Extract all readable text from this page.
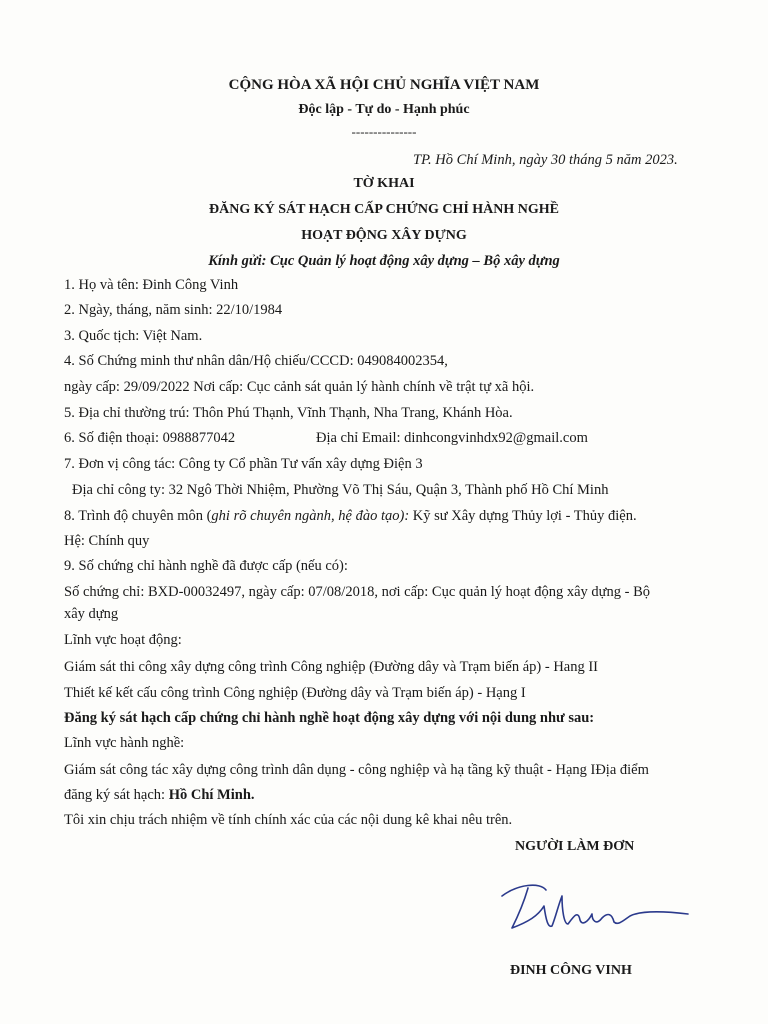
CỘNG HÒA XÃ HỘI CHỦ NGHĨA VIỆT NAM
Độc lập - Tự do - Hạnh phúc
---------------
TP. Hồ Chí Minh, ngày 30 tháng 5 năm 2023.
TỜ KHAI
ĐĂNG KÝ SÁT HẠCH CẤP CHỨNG CHỈ HÀNH NGHỀ
HOẠT ĐỘNG XÂY DỰNG
Kính gửi: Cục Quản lý hoạt động xây dựng – Bộ xây dựng
1. Họ và tên: Đinh Công Vinh
2. Ngày, tháng, năm sinh: 22/10/1984
3. Quốc tịch: Việt Nam.
4. Số Chứng minh thư nhân dân/Hộ chiếu/CCCD: 049084002354,
ngày cấp: 29/09/2022 Nơi cấp: Cục cảnh sát quản lý hành chính về trật tự xã hội.
5. Địa chỉ thường trú: Thôn Phú Thạnh, Vĩnh Thạnh, Nha Trang, Khánh Hòa.
6. Số điện thoại: 0988877042	Địa chỉ Email: dinhcongvinhdx92@gmail.com
7. Đơn vị công tác: Công ty Cổ phần Tư vấn xây dựng Điện 3
Địa chỉ công ty: 32 Ngô Thời Nhiệm, Phường Võ Thị Sáu, Quận 3, Thành phố Hồ Chí Minh
8. Trình độ chuyên môn (ghi rõ chuyên ngành, hệ đào tạo): Kỹ sư Xây dựng Thủy lợi - Thủy điện.
Hệ: Chính quy
9. Số chứng chỉ hành nghề đã được cấp (nếu có):
Số chứng chỉ: BXD-00032497, ngày cấp: 07/08/2018, nơi cấp: Cục quản lý hoạt động xây dựng - Bộ
xây dựng
Lĩnh vực hoạt động:
Giám sát thi công xây dựng công trình Công nghiệp (Đường dây và Trạm biến áp) - Hang II
Thiết kế kết cấu công trình Công nghiệp (Đường dây và Trạm biến áp) - Hạng I
Đăng ký sát hạch cấp chứng chỉ hành nghề hoạt động xây dựng với nội dung như sau:
Lĩnh vực hành nghề:
Giám sát công tác xây dựng công trình dân dụng - công nghiệp và hạ tầng kỹ thuật - Hạng IĐịa điểm
đăng ký sát hạch: Hồ Chí Minh.
Tôi xin chịu trách nhiệm về tính chính xác của các nội dung kê khai nêu trên.
NGƯỜI LÀM ĐƠN
ĐINH CÔNG VINH
